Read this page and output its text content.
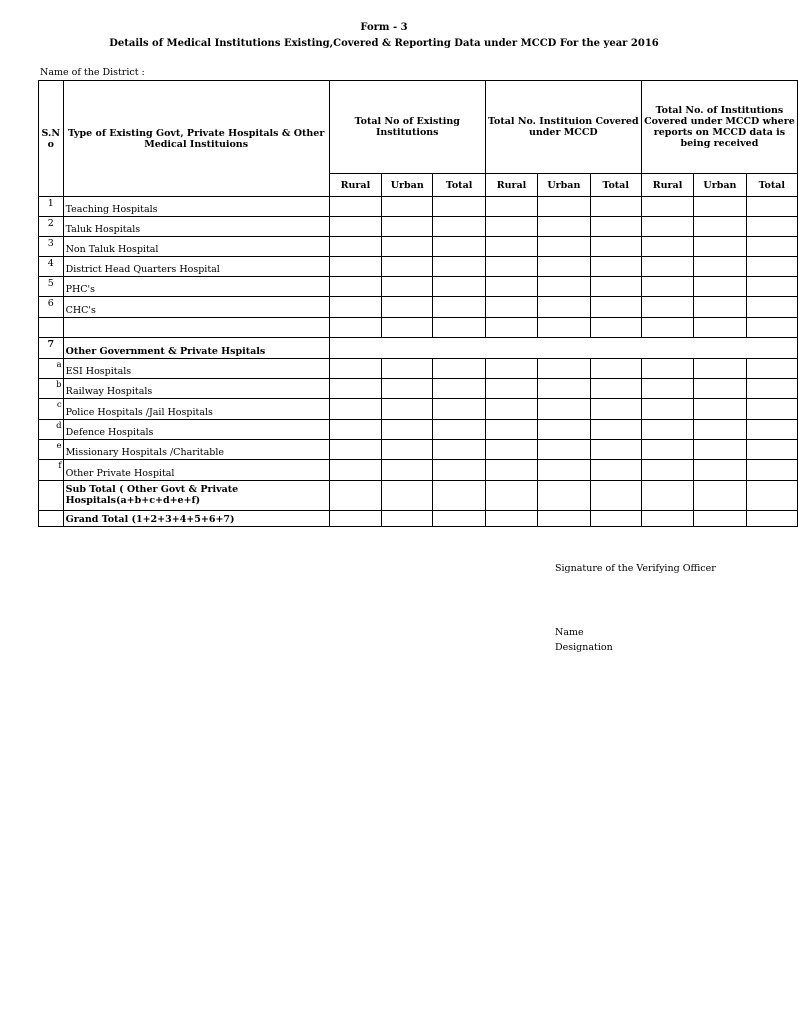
Form - 3
Details of Medical Institutions Existing,Covered & Reporting Data under MCCD For the year 2016
Name of the District :
S.N o	Type of Existing Govt, Private Hospitals & Other Medical Instituions	Total No of Existing Institutions			Total No. Instituion Covered under MCCD			Total No. of Institutions Covered under MCCD where reports on MCCD data is being received		
		Rural	Urban	Total	Rural	Urban	Total	Rural	Urban	Total
1	Teaching Hospitals									
2	Taluk Hospitals									
3	Non Taluk Hospital									
4	District Head Quarters Hospital									
5	PHC's									
6	CHC's									

7	Other Government & Private Hspitals									
a	ESI Hospitals									
b	Railway Hospitals									
c	Police Hospitals /Jail Hospitals									
d	Defence Hospitals									
e	Missionary Hospitals /Charitable									
f	Other Private Hospital									
	Sub Total ( Other Govt & Private Hospitals(a+b+c+d+e+f)									
	Grand Total (1+2+3+4+5+6+7)									
Signature of the Verifying Officer
Name
Designation
